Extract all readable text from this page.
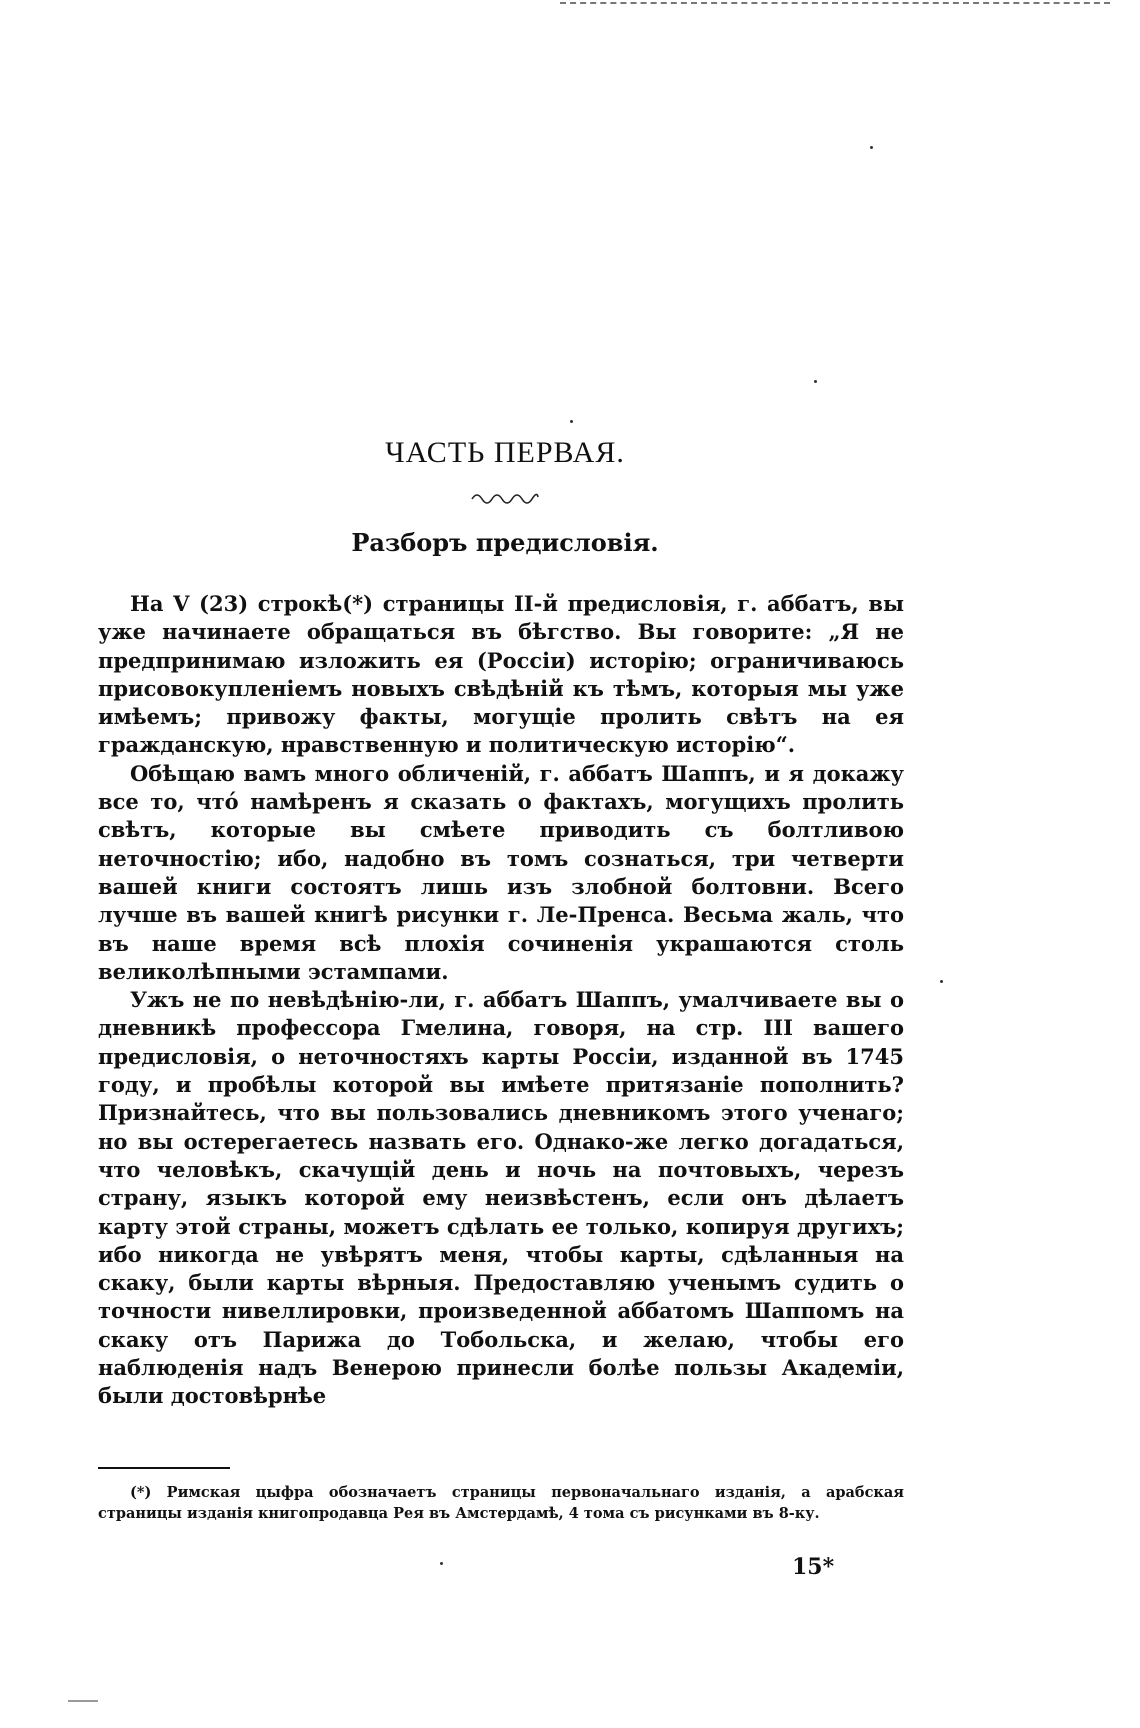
ЧАСТЬ ПЕРВАЯ.
Разборъ предисловія.

На V (23) строкѣ(*) страницы II-й предисловія, г. аббатъ, вы уже начинаете обращаться въ бѣгство. Вы говорите: „Я не предпринимаю изложить ея (Россіи) исторію; ограничиваюсь присовокупленіемъ новыхъ свѣдѣній къ тѣмъ, которыя мы уже имѣемъ; привожу факты, могущіе пролить свѣтъ на ея гражданскую, нравственную и политическую исторію“.

Обѣщаю вамъ много обличеній, г. аббатъ Шаппъ, и я докажу все то, что́ намѣренъ я сказать о фактахъ, могущихъ пролить свѣтъ, которые вы смѣете приводить съ болтливою неточностію; ибо, надобно въ томъ сознаться, три четверти вашей книги состоятъ лишь изъ злобной болтовни. Всего лучше въ вашей книгѣ рисунки г. Ле-Пренса. Весьма жаль, что въ наше время всѣ плохія сочиненія украшаются столь великолѣпными эстампами.

Ужъ не по невѣдѣнію-ли, г. аббатъ Шаппъ, умалчиваете вы о дневникѣ профессора Гмелина, говоря, на стр. III вашего предисловія, о неточностяхъ карты Россіи, изданной въ 1745 году, и пробѣлы которой вы имѣете притязаніе пополнить? Признайтесь, что вы пользовались дневникомъ этого ученаго; но вы остерегаетесь назвать его. Однако-же легко догадаться, что человѣкъ, скачущій день и ночь на почтовыхъ, черезъ страну, языкъ которой ему неизвѣстенъ, если онъ дѣлаетъ карту этой страны, можетъ сдѣлать ее только, копируя другихъ; ибо никогда не увѣрятъ меня, чтобы карты, сдѣланныя на скаку, были карты вѣрныя. Предоставляю ученымъ судить о точности нивеллировки, произведенной аббатомъ Шаппомъ на скаку отъ Парижа до Тобольска, и желаю, чтобы его наблюденія надъ Венерою принесли болѣе пользы Академіи, были достовѣрнѣе

(*) Римская цыфра обозначаетъ страницы первоначальнаго изданія, а арабская страницы изданія книгопродавца Рея въ Амстердамѣ, 4 тома съ рисунками въ 8-ку.

15*
